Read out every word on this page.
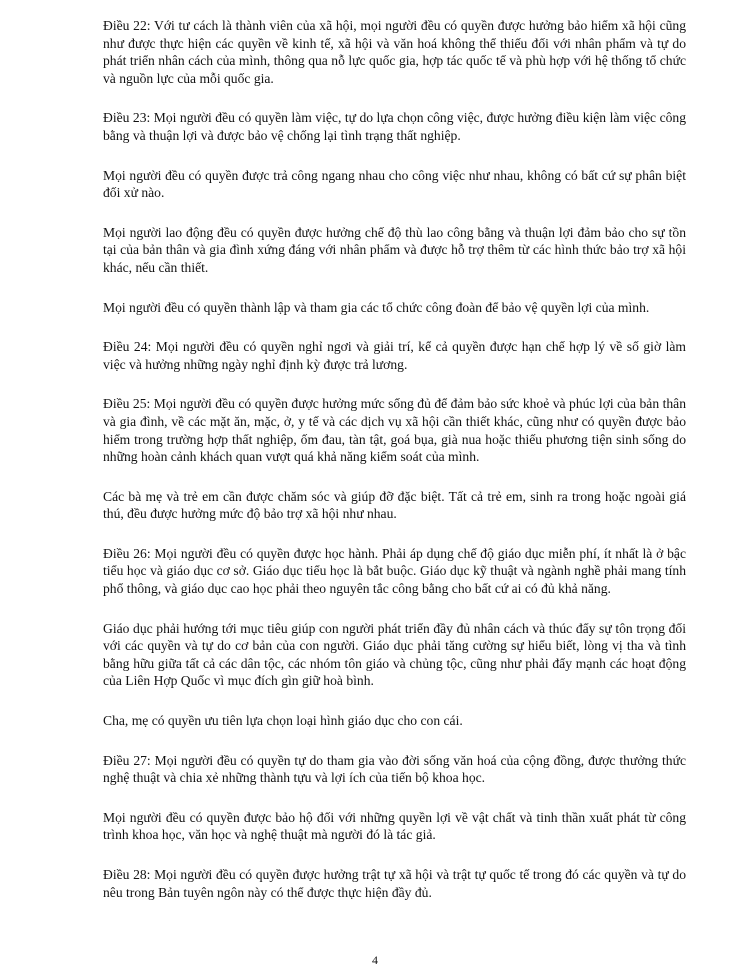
Điều 22: Với tư cách là thành viên của xã hội, mọi người đều có quyền được hưởng bảo hiểm xã hội cũng như được thực hiện các quyền về kinh tế, xã hội và văn hoá không thể thiếu đối với nhân phẩm và tự do phát triển nhân cách của mình, thông qua nỗ lực quốc gia, hợp tác quốc tế và phù hợp với hệ thống tổ chức và nguồn lực của mỗi quốc gia.

Điều 23: Mọi người đều có quyền làm việc, tự do lựa chọn công việc, được hưởng điều kiện làm việc công bằng và thuận lợi và được bảo vệ chống lại tình trạng thất nghiệp.

Mọi người đều có quyền được trả công ngang nhau cho công việc như nhau, không có bất cứ sự phân biệt đối xử nào.

Mọi người lao động đều có quyền được hưởng chế độ thù lao công bằng và thuận lợi đảm bảo cho sự tồn tại của bản thân và gia đình xứng đáng với nhân phẩm và được hỗ trợ thêm từ các hình thức bảo trợ xã hội khác, nếu cần thiết.

Mọi người đều có quyền thành lập và tham gia các tổ chức công đoàn để bảo vệ quyền lợi của mình.

Điều 24: Mọi người đều có quyền nghỉ ngơi và giải trí, kể cả quyền được hạn chế hợp lý về số giờ làm việc và hưởng những ngày nghỉ định kỳ được trả lương.

Điều 25: Mọi người đều có quyền được hưởng mức sống đủ để đảm bảo sức khoẻ và phúc lợi của bản thân và gia đình, về các mặt ăn, mặc, ở, y tế và các dịch vụ xã hội cần thiết khác, cũng như có quyền được bảo hiểm trong trường hợp thất nghiệp, ốm đau, tàn tật, goá bụa, già nua hoặc thiếu phương tiện sinh sống do những hoàn cảnh khách quan vượt quá khả năng kiểm soát của mình.

Các bà mẹ và trẻ em cần được chăm sóc và giúp đỡ đặc biệt. Tất cả trẻ em, sinh ra trong hoặc ngoài giá thú, đều được hưởng mức độ bảo trợ xã hội như nhau.

Điều 26: Mọi người đều có quyền được học hành. Phải áp dụng chế độ giáo dục miễn phí, ít nhất là ở bậc tiểu học và giáo dục cơ sở. Giáo dục tiểu học là bắt buộc. Giáo dục kỹ thuật và ngành nghề phải mang tính phổ thông, và giáo dục cao học phải theo nguyên tắc công bằng cho bất cứ ai có đủ khả năng.

Giáo dục phải hướng tới mục tiêu giúp con người phát triển đầy đủ nhân cách và thúc đẩy sự tôn trọng đối với các quyền và tự do cơ bản của con người. Giáo dục phải tăng cường sự hiểu biết, lòng vị tha và tình bằng hữu giữa tất cả các dân tộc, các nhóm tôn giáo và chủng tộc, cũng như phải đẩy mạnh các hoạt động của Liên Hợp Quốc vì mục đích gìn giữ hoà bình.

Cha, mẹ có quyền ưu tiên lựa chọn loại hình giáo dục cho con cái.

Điều 27: Mọi người đều có quyền tự do tham gia vào đời sống văn hoá của cộng đồng, được thưởng thức nghệ thuật và chia xẻ những thành tựu và lợi ích của tiến bộ khoa học.

Mọi người đều có quyền được bảo hộ đối với những quyền lợi về vật chất và tinh thần xuất phát từ công trình khoa học, văn học và nghệ thuật mà người đó là tác giả.

Điều 28: Mọi người đều có quyền được hưởng trật tự xã hội và trật tự quốc tế trong đó các quyền và tự do nêu trong Bản tuyên ngôn này có thể được thực hiện đầy đủ.

4
